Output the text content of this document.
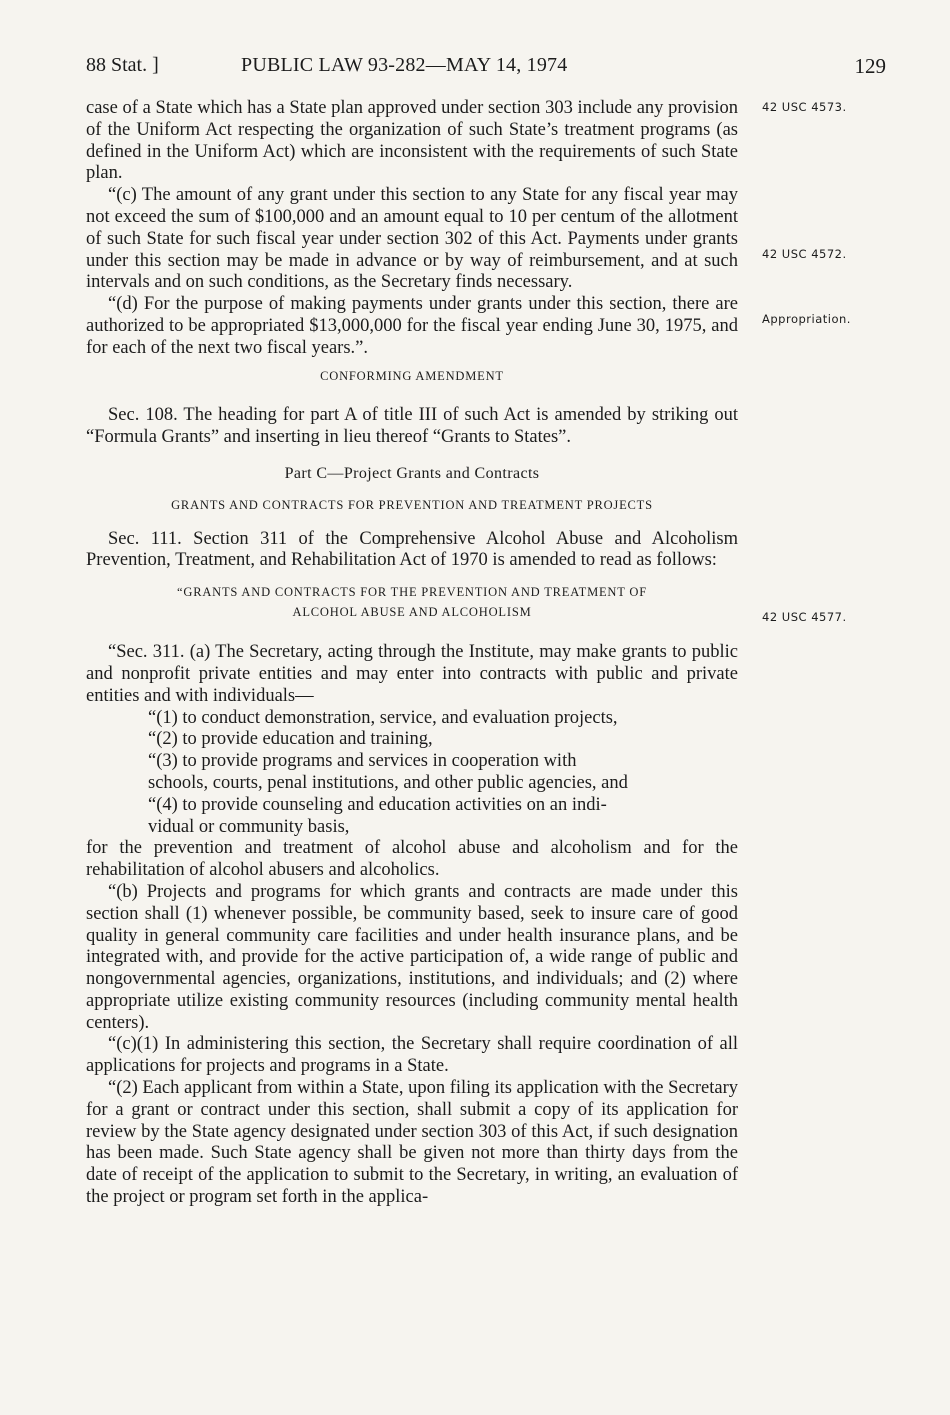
88 Stat. ]	PUBLIC LAW 93-282—MAY 14, 1974	129
42 USC 4573.
42 USC 4572.
Appropriation.
42 USC 4577.

case of a State which has a State plan approved under section 303 include any provision of the Uniform Act respecting the organization of such State’s treatment programs (as defined in the Uniform Act) which are inconsistent with the requirements of such State plan.

“(c) The amount of any grant under this section to any State for any fiscal year may not exceed the sum of $100,000 and an amount equal to 10 per centum of the allotment of such State for such fiscal year under section 302 of this Act. Payments under grants under this section may be made in advance or by way of reimbursement, and at such intervals and on such conditions, as the Secretary finds necessary.

“(d) For the purpose of making payments under grants under this section, there are authorized to be appropriated $13,000,000 for the fiscal year ending June 30, 1975, and for each of the next two fiscal years.”.

CONFORMING AMENDMENT

Sec. 108. The heading for part A of title III of such Act is amended by striking out “Formula Grants” and inserting in lieu thereof “Grants to States”.

Part C—Project Grants and Contracts
GRANTS AND CONTRACTS FOR PREVENTION AND TREATMENT PROJECTS

Sec. 111. Section 311 of the Comprehensive Alcohol Abuse and Alcoholism Prevention, Treatment, and Rehabilitation Act of 1970 is amended to read as follows:

“GRANTS AND CONTRACTS FOR THE PREVENTION AND TREATMENT OF
ALCOHOL ABUSE AND ALCOHOLISM

“Sec. 311. (a) The Secretary, acting through the Institute, may make grants to public and nonprofit private entities and may enter into contracts with public and private entities and with individuals—

“(1) to conduct demonstration, service, and evaluation projects,
“(2) to provide education and training,
“(3) to provide programs and services in cooperation with
schools, courts, penal institutions, and other public agencies, and
“(4) to provide counseling and education activities on an indi-
vidual or community basis,

for the prevention and treatment of alcohol abuse and alcoholism and for the rehabilitation of alcohol abusers and alcoholics.

“(b) Projects and programs for which grants and contracts are made under this section shall (1) whenever possible, be community based, seek to insure care of good quality in general community care facilities and under health insurance plans, and be integrated with, and provide for the active participation of, a wide range of public and nongovernmental agencies, organizations, institutions, and individuals; and (2) where appropriate utilize existing community resources (including community mental health centers).

“(c)(1) In administering this section, the Secretary shall require coordination of all applications for projects and programs in a State.

“(2) Each applicant from within a State, upon filing its application with the Secretary for a grant or contract under this section, shall submit a copy of its application for review by the State agency designated under section 303 of this Act, if such designation has been made. Such State agency shall be given not more than thirty days from the date of receipt of the application to submit to the Secretary, in writing, an evaluation of the project or program set forth in the applica-
